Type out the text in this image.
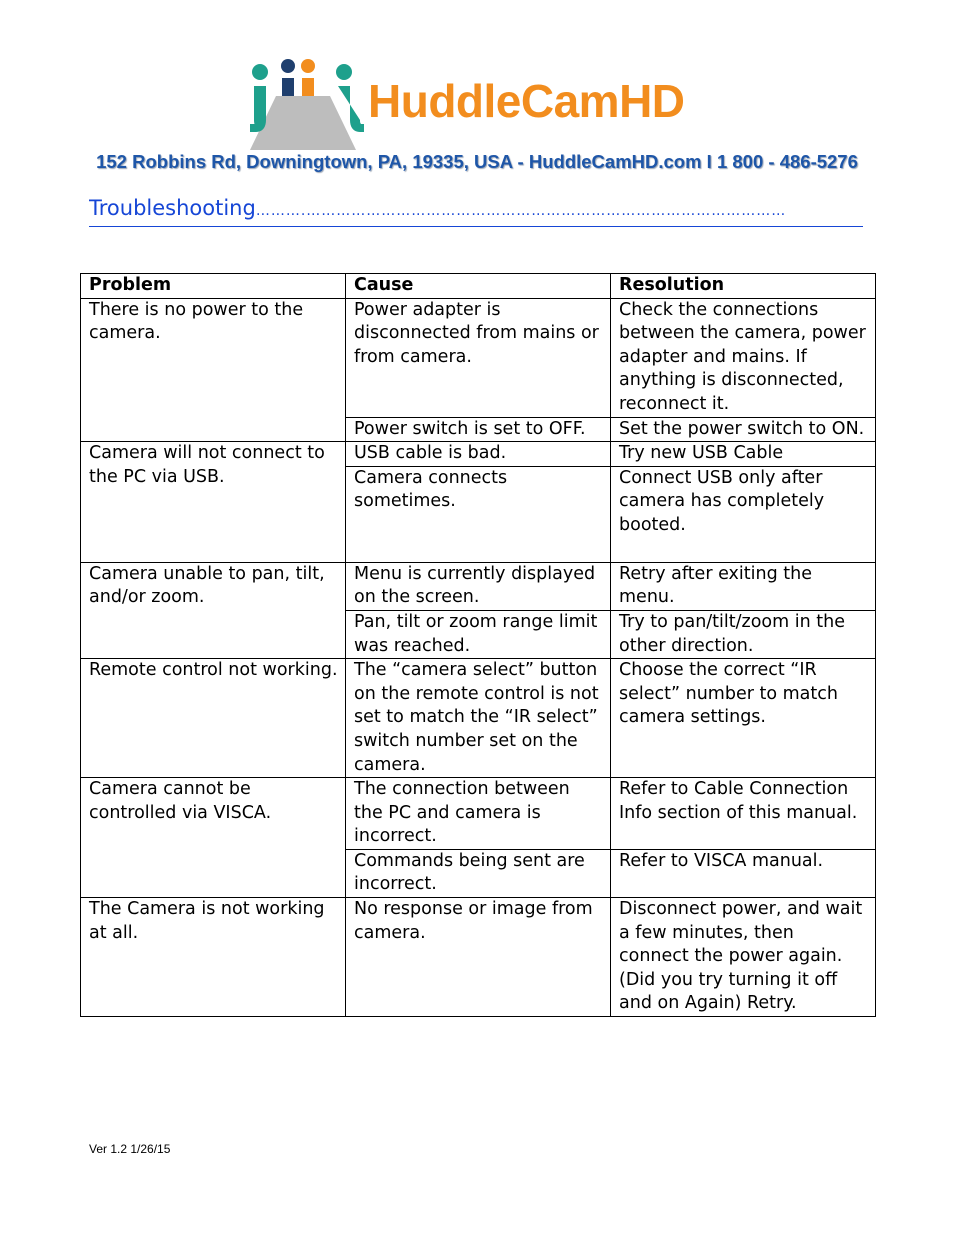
HuddleCamHD
152 Robbins Rd, Downingtown, PA, 19335, USA - HuddleCamHD.com I 1 800 - 486-5276
Troubleshooting……….……………………………………………………………………………………
Problem	Cause	Resolution
There is no power to the camera.	Power adapter is disconnected from mains or from camera.	Check the connections between the camera, power adapter and mains. If anything is disconnected, reconnect it.
	Power switch is set to OFF.	Set the power switch to ON.
Camera will not connect to the PC via USB.	USB cable is bad.	Try new USB Cable
	Camera connects sometimes.	Connect USB only after camera has completely booted.
Camera unable to pan, tilt, and/or zoom.	Menu is currently displayed on the screen.	Retry after exiting the menu.
	Pan, tilt or zoom range limit was reached.	Try to pan/tilt/zoom in the other direction.
Remote control not working.	The “camera select” button on the remote control is not set to match the “IR select” switch number set on the camera.	Choose the correct “IR select” number to match camera settings.
Camera cannot be controlled via VISCA.	The connection between the PC and camera is incorrect.	Refer to Cable Connection Info section of this manual.
	Commands being sent are incorrect.	Refer to VISCA manual.
The Camera is not working at all.	No response or image from camera.	Disconnect power, and wait a few minutes, then connect the power again. (Did you try turning it off and on Again) Retry.
Ver 1.2 1/26/15
